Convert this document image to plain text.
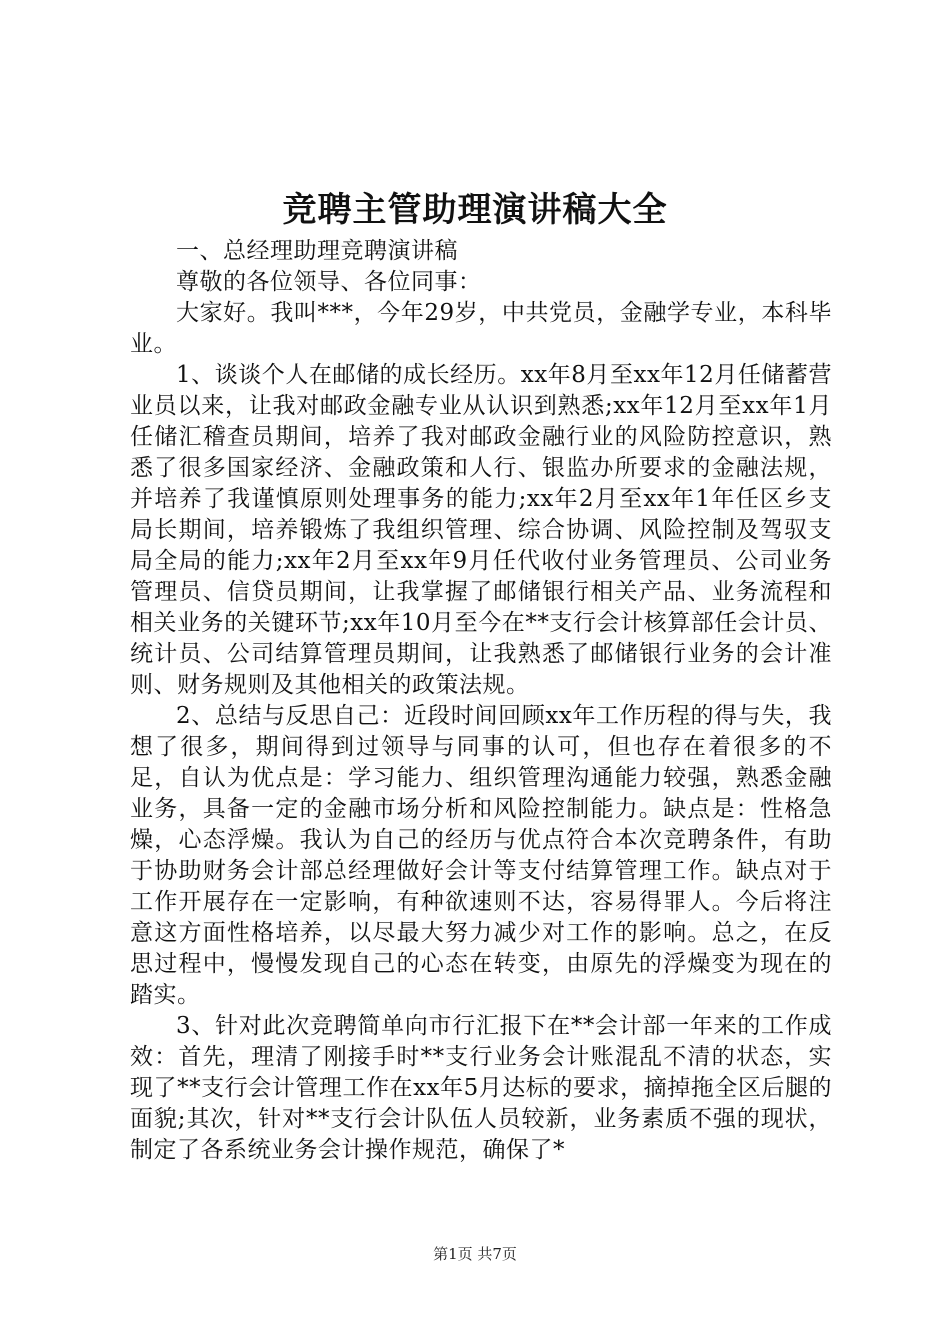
竞聘主管助理演讲稿大全

一、总经理助理竞聘演讲稿

尊敬的各位领导、各位同事：

大家好。我叫***，今年29岁，中共党员，金融学专业，本科毕业。

1、谈谈个人在邮储的成长经历。xx年8月至xx年12月任储蓄营业员以来，让我对邮政金融专业从认识到熟悉;xx年12月至xx年1月任储汇稽查员期间，培养了我对邮政金融行业的风险防控意识，熟悉了很多国家经济、金融政策和人行、银监办所要求的金融法规，并培养了我谨慎原则处理事务的能力;xx年2月至xx年1年任区乡支局长期间，培养锻炼了我组织管理、综合协调、风险控制及驾驭支局全局的能力;xx年2月至xx年9月任代收付业务管理员、公司业务管理员、信贷员期间，让我掌握了邮储银行相关产品、业务流程和相关业务的关键环节;xx年10月至今在**支行会计核算部任会计员、统计员、公司结算管理员期间，让我熟悉了邮储银行业务的会计准则、财务规则及其他相关的政策法规。

2、总结与反思自己：近段时间回顾xx年工作历程的得与失，我想了很多，期间得到过领导与同事的认可，但也存在着很多的不足，自认为优点是：学习能力、组织管理沟通能力较强，熟悉金融业务，具备一定的金融市场分析和风险控制能力。缺点是：性格急燥，心态浮燥。我认为自己的经历与优点符合本次竞聘条件，有助于协助财务会计部总经理做好会计等支付结算管理工作。缺点对于工作开展存在一定影响，有种欲速则不达，容易得罪人。今后将注意这方面性格培养，以尽最大努力减少对工作的影响。总之，在反思过程中，慢慢发现自己的心态在转变，由原先的浮燥变为现在的踏实。

3、针对此次竞聘简单向市行汇报下在**会计部一年来的工作成效：首先，理清了刚接手时**支行业务会计账混乱不清的状态，实现了**支行会计管理工作在xx年5月达标的要求，摘掉拖全区后腿的面貌;其次，针对**支行会计队伍人员较新，业务素质不强的现状，制定了各系统业务会计操作规范，确保了*

第1页 共7页
